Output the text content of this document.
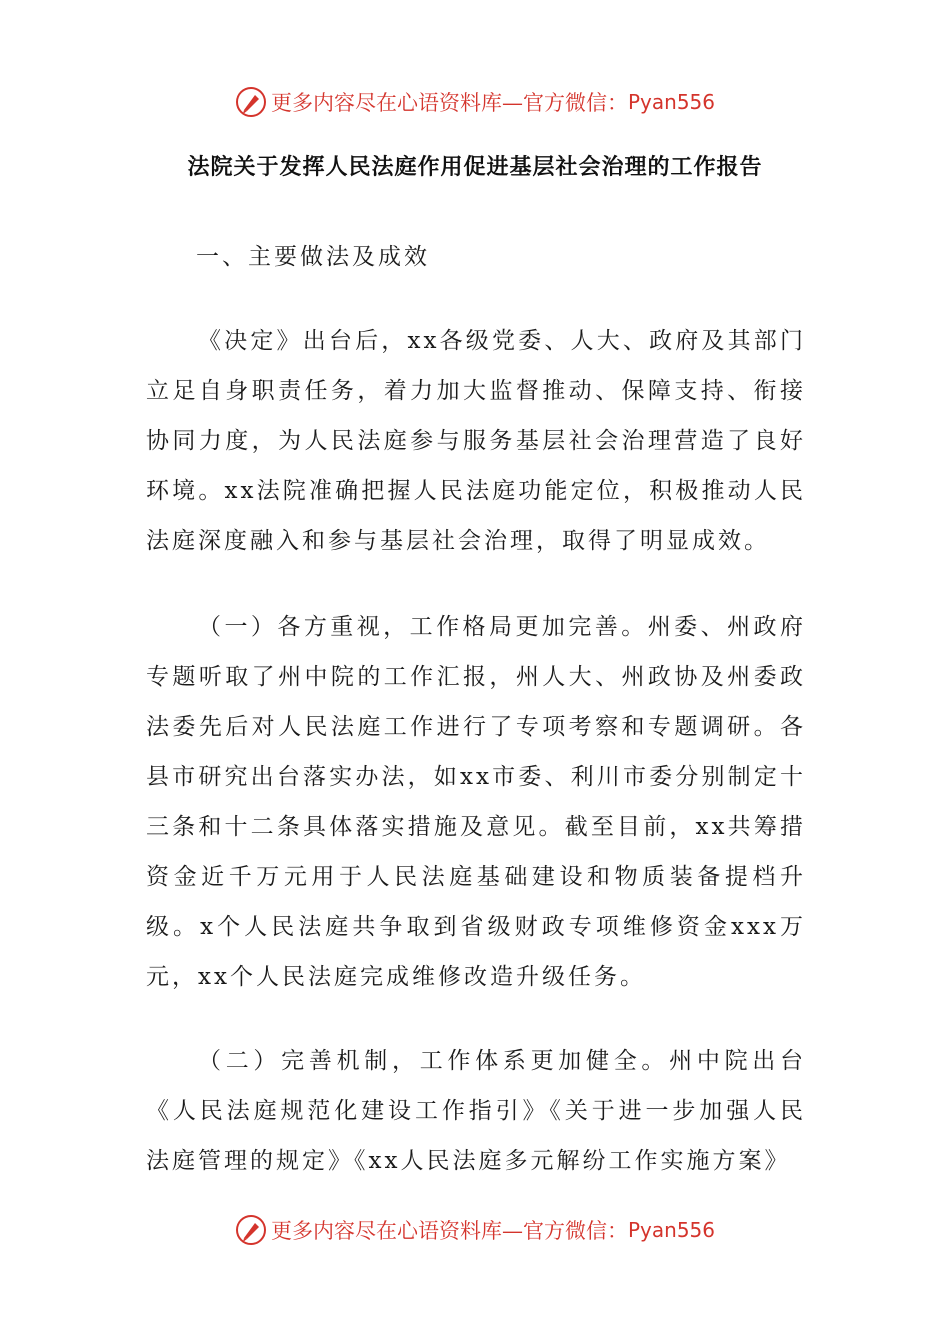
更多内容尽在心语资料库—官方微信： Pyan556
法院关于发挥人民法庭作用促进基层社会治理的工作报告
一、主要做法及成效

《决定》出台后，xx各级党委、人大、政府及其部门立足自身职责任务，着力加大监督推动、保障支持、衔接协同力度，为人民法庭参与服务基层社会治理营造了良好环境。xx法院准确把握人民法庭功能定位，积极推动人民法庭深度融入和参与基层社会治理，取得了明显成效。

（一）各方重视，工作格局更加完善。州委、州政府专题听取了州中院的工作汇报，州人大、州政协及州委政法委先后对人民法庭工作进行了专项考察和专题调研。各县市研究出台落实办法，如xx市委、利川市委分别制定十三条和十二条具体落实措施及意见。截至目前，xx共筹措资金近千万元用于人民法庭基础建设和物质装备提档升级。x个人民法庭共争取到省级财政专项维修资金xxx万元，xx个人民法庭完成维修改造升级任务。

（二）完善机制，工作体系更加健全。州中院出台《人民法庭规范化建设工作指引》《关于进一步加强人民法庭管理的规定》《xx人民法庭多元解纷工作实施方案》

更多内容尽在心语资料库—官方微信： Pyan556
